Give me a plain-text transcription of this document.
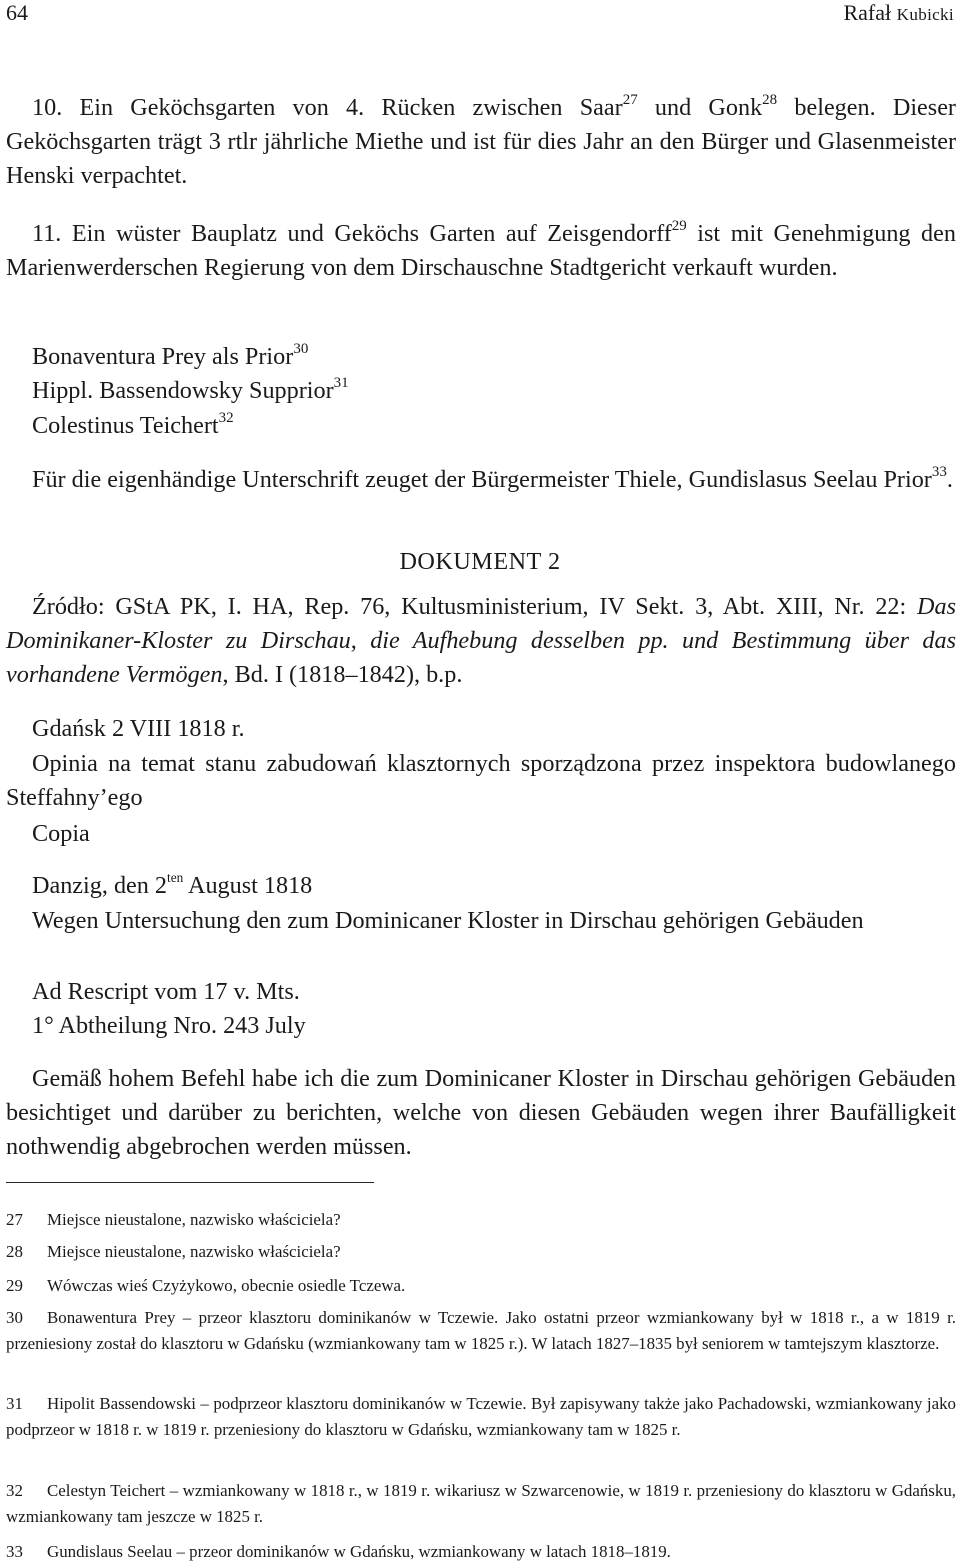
64	Rafał Kubicki

10. Ein Geköchsgarten von 4. Rücken zwischen Saar$^{27}$ und Gonk$^{28}$ belegen. Dieser Geköchsgarten trägt 3 rtlr jährliche Miethe und ist für dies Jahr an den Bürger und Glasenmeister Henski verpachtet.

11. Ein wüster Bauplatz und Geköchs Garten auf Zeisgendorff$^{29}$ ist mit Genehmigung den Marienwerderschen Regierung von dem Dirschauschne Stadtgericht verkauft wurden.

Bonaventura Prey als Prior$^{30}$
Hippl. Bassendowsky Supprior$^{31}$
Colestinus Teichert$^{32}$

Für die eigenhändige Unterschrift zeuget der Bürgermeister Thiele, Gundislasus Seelau Prior$^{33}$.

DOKUMENT 2

Źródło: GStA PK, I. HA, Rep. 76, Kultusministerium, IV Sekt. 3, Abt. XIII, Nr. 22: Das Dominikaner-Kloster zu Dirschau, die Aufhebung desselben pp. und Bestimmung über das vorhandene Vermögen, Bd. I (1818–1842), b.p.

Gdańsk 2 VIII 1818 r.

Opinia na temat stanu zabudowań klasztornych sporządzona przez inspektora budowlanego Steffahny’ego

Copia
Danzig, den $2^{ten}$ August 1818

Wegen Untersuchung den zum Dominicaner Kloster in Dirschau gehörigen Gebäuden

Ad Rescript vom 17 v. Mts.
1° Abtheilung Nro. 243 July

Gemäß hohem Befehl habe ich die zum Dominicaner Kloster in Dirschau gehörigen Gebäuden besichtiget und darüber zu berichten, welche von diesen Gebäuden wegen ihrer Baufälligkeit nothwendig abgebrochen werden müssen.

27 Miejsce nieustalone, nazwisko właściciela?

28 Miejsce nieustalone, nazwisko właściciela?

29 Wówczas wieś Czyżykowo, obecnie osiedle Tczewa.

30 Bonawentura Prey – przeor klasztoru dominikanów w Tczewie. Jako ostatni przeor wzmiankowany był w 1818 r., a w 1819 r. przeniesiony został do klasztoru w Gdańsku (wzmiankowany tam w 1825 r.). W latach 1827–1835 był seniorem w tamtejszym klasztorze.

31 Hipolit Bassendowski – podprzeor klasztoru dominikanów w Tczewie. Był zapisywany także jako Pachadowski, wzmiankowany jako podprzeor w 1818 r. w 1819 r. przeniesiony do klasztoru w Gdańsku, wzmiankowany tam w 1825 r.

32 Celestyn Teichert – wzmiankowany w 1818 r., w 1819 r. wikariusz w Szwarcenowie, w 1819 r. przeniesiony do klasztoru w Gdańsku, wzmiankowany tam jeszcze w 1825 r.

33 Gundislaus Seelau – przeor dominikanów w Gdańsku, wzmiankowany w latach 1818–1819.
